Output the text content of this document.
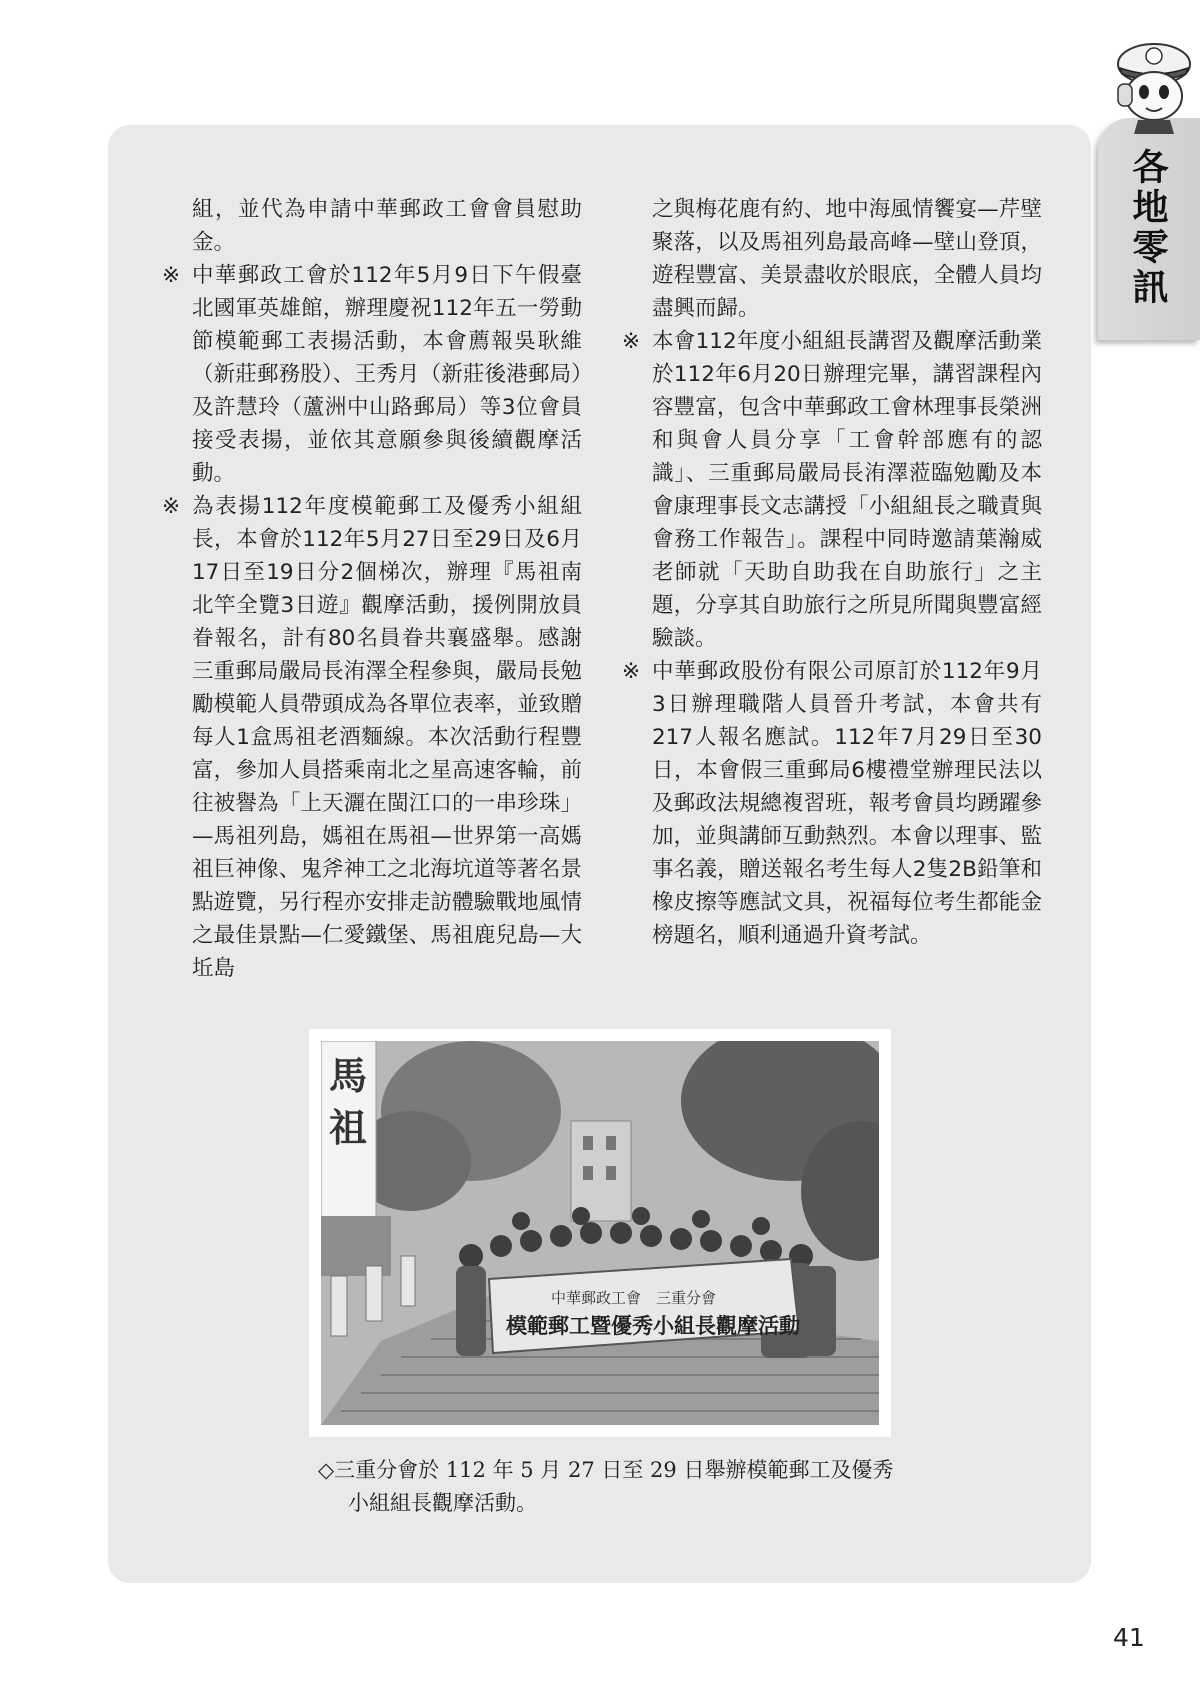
各地零訊

組，並代為申請中華郵政工會會員慰助金。

※ 中華郵政工會於112年5月9日下午假臺北國軍英雄館，辦理慶祝112年五一勞動節模範郵工表揚活動，本會薦報吳耿維（新莊郵務股）、王秀月（新莊後港郵局）及許慧玲（蘆洲中山路郵局）等3位會員接受表揚，並依其意願參與後續觀摩活動。

※ 為表揚112年度模範郵工及優秀小組組長，本會於112年5月27日至29日及6月17日至19日分2個梯次，辦理『馬祖南北竿全覽3日遊』觀摩活動，援例開放員眷報名，計有80名員眷共襄盛舉。感謝三重郵局嚴局長洧澤全程參與，嚴局長勉勵模範人員帶頭成為各單位表率，並致贈每人1盒馬祖老酒麵線。本次活動行程豐富，參加人員搭乘南北之星高速客輪，前往被譽為「上天灑在閩江口的一串珍珠」—馬祖列島，媽祖在馬祖—世界第一高媽祖巨神像、鬼斧神工之北海坑道等著名景點遊覽，另行程亦安排走訪體驗戰地風情之最佳景點—仁愛鐵堡、馬祖鹿兒島—大坵島

之與梅花鹿有約、地中海風情饗宴—芹壁聚落，以及馬祖列島最高峰—壁山登頂，遊程豐富、美景盡收於眼底，全體人員均盡興而歸。

※ 本會112年度小組組長講習及觀摩活動業於112年6月20日辦理完畢，講習課程內容豐富，包含中華郵政工會林理事長榮洲和與會人員分享「工會幹部應有的認識」、三重郵局嚴局長洧澤蒞臨勉勵及本會康理事長文志講授「小組組長之職責與會務工作報告」。課程中同時邀請葉瀚威老師就「天助自助我在自助旅行」之主題，分享其自助旅行之所見所聞與豐富經驗談。

※ 中華郵政股份有限公司原訂於112年9月3日辦理職階人員晉升考試，本會共有217人報名應試。112年7月29日至30日，本會假三重郵局6樓禮堂辦理民法以及郵政法規總複習班，報考會員均踴躍參加，並與講師互動熱烈。本會以理事、監事名義，贈送報名考生每人2隻2B鉛筆和橡皮擦等應試文具，祝福每位考生都能金榜題名，順利通過升資考試。

中華郵政工會　三重分會
模範郵工暨優秀小組長觀摩活動
馬
祖
◇三重分會於 112 年 5 月 27 日至 29 日舉辦模範郵工及優秀
小組組長觀摩活動。
41
